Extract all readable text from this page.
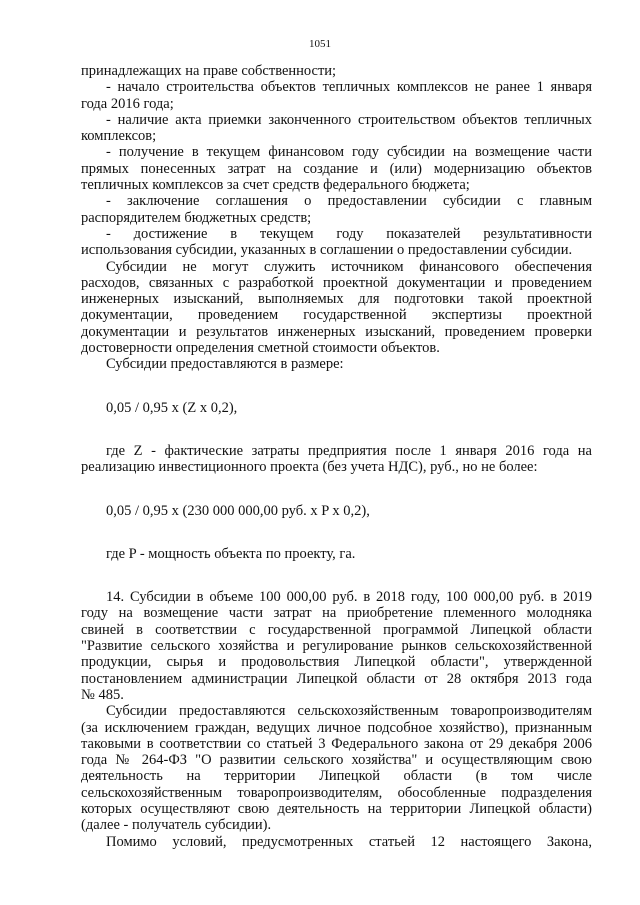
1051
принадлежащих на праве собственности;
- начало строительства объектов тепличных комплексов не ранее 1 января
года 2016 года;
- наличие акта приемки законченного строительством объектов тепличных
комплексов;
- получение в текущем финансовом году субсидии на возмещение части
прямых понесенных затрат на создание и (или) модернизацию объектов
тепличных комплексов за счет средств федерального бюджета;
- заключение соглашения о предоставлении субсидии с главным
распорядителем бюджетных средств;
- достижение в текущем году показателей результативности
использования субсидии, указанных в соглашении о предоставлении субсидии.
Субсидии не могут служить источником финансового обеспечения
расходов, связанных с разработкой проектной документации и проведением
инженерных изысканий, выполняемых для подготовки такой проектной
документации, проведением государственной экспертизы проектной
документации и результатов инженерных изысканий, проведением проверки
достоверности определения сметной стоимости объектов.
Субсидии предоставляются в размере:
0,05 / 0,95 x (Z x 0,2),
где Z - фактические затраты предприятия после 1 января 2016 года на
реализацию инвестиционного проекта (без учета НДС), руб., но не более:
0,05 / 0,95 x (230 000 000,00 руб. x P x 0,2),
где P - мощность объекта по проекту, га.
14. Субсидии в объеме 100 000,00 руб. в 2018 году, 100 000,00 руб. в 2019
году на возмещение части затрат на приобретение племенного молодняка
свиней в соответствии с государственной программой Липецкой области
"Развитие сельского хозяйства и регулирование рынков сельскохозяйственной
продукции, сырья и продовольствия Липецкой области", утвержденной
постановлением администрации Липецкой области от 28 октября 2013 года
№ 485.
Субсидии предоставляются сельскохозяйственным товаропроизводителям
(за исключением граждан, ведущих личное подсобное хозяйство), признанным
таковыми в соответствии со статьей 3 Федерального закона от 29 декабря 2006
года № 264-ФЗ "О развитии сельского хозяйства" и осуществляющим свою
деятельность на территории Липецкой области (в том числе
сельскохозяйственным товаропроизводителям, обособленные подразделения
которых осуществляют свою деятельность на территории Липецкой области)
(далее - получатель субсидии).
Помимо условий, предусмотренных статьей 12 настоящего Закона,
